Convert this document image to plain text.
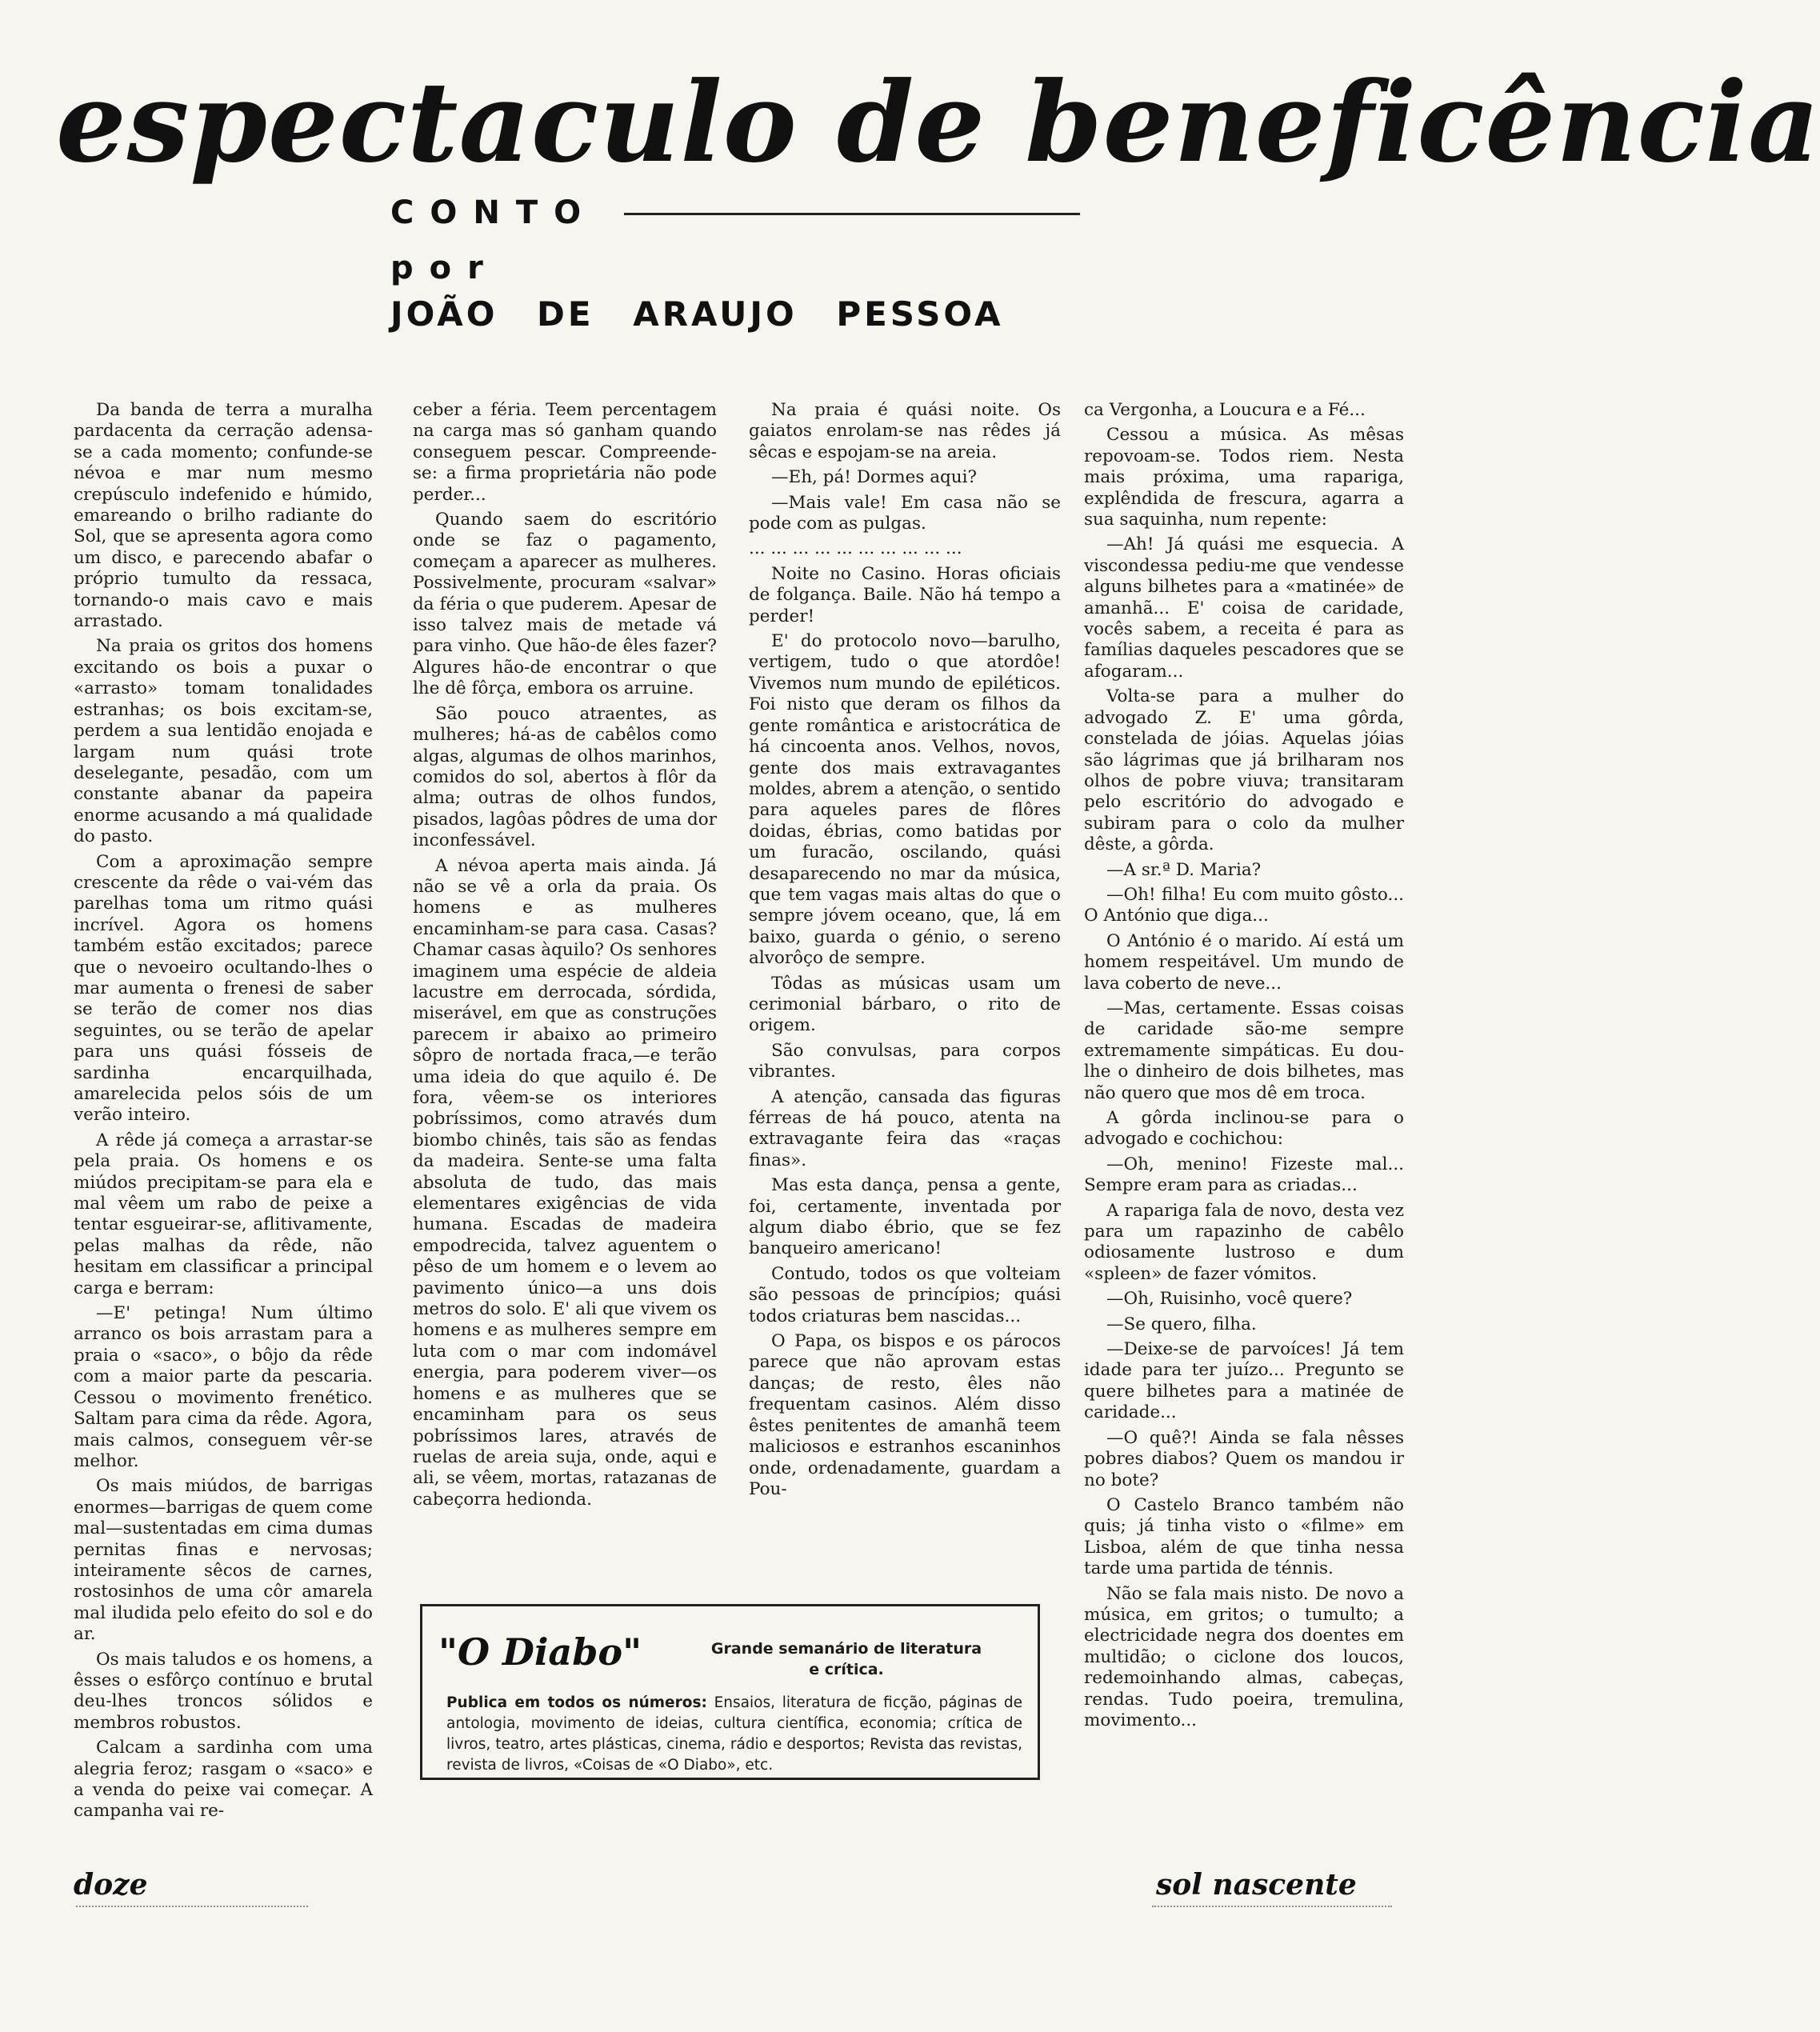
espectaculo de beneficência
CONTO
por
JOÃO DE ARAUJO PESSOA

Da banda de terra a muralha pardacenta da cerração adensa-se a cada momento; confunde-se névoa e mar num mesmo crepúsculo indefenido e húmido, emareando o brilho radiante do Sol, que se apresenta agora como um disco, e parecendo abafar o próprio tumulto da ressaca, tornando-o mais cavo e mais arrastado.

Na praia os gritos dos homens excitando os bois a puxar o «arrasto» tomam tonalidades estranhas; os bois excitam-se, perdem a sua lentidão enojada e largam num quási trote deselegante, pesadão, com um constante abanar da papeira enorme acusando a má qualidade do pasto.

Com a aproximação sempre crescente da rêde o vai-vém das parelhas toma um ritmo quási incrível. Agora os homens também estão excitados; parece que o nevoeiro ocultando-lhes o mar aumenta o frenesi de saber se terão de comer nos dias seguintes, ou se terão de apelar para uns quási fósseis de sardinha encarquilhada, amarelecida pelos sóis de um verão inteiro.

A rêde já começa a arrastar-se pela praia. Os homens e os miúdos precipitam-se para ela e mal vêem um rabo de peixe a tentar esgueirar-se, aflitivamente, pelas malhas da rêde, não hesitam em classificar a principal carga e berram:

—E' petinga! Num último arranco os bois arrastam para a praia o «saco», o bôjo da rêde com a maior parte da pescaria. Cessou o movimento frenético. Saltam para cima da rêde. Agora, mais calmos, conseguem vêr-se melhor.

Os mais miúdos, de barrigas enormes—barrigas de quem come mal—sustentadas em cima dumas pernitas finas e nervosas; inteiramente sêcos de carnes, rostosinhos de uma côr amarela mal iludida pelo efeito do sol e do ar.

Os mais taludos e os homens, a êsses o esfôrço contínuo e brutal deu-lhes troncos sólidos e membros robustos.

Calcam a sardinha com uma alegria feroz; rasgam o «saco» e a venda do peixe vai começar. A campanha vai re-

ceber a féria. Teem percentagem na carga mas só ganham quando conseguem pescar. Compreende-se: a firma proprietária não pode perder...

Quando saem do escritório onde se faz o pagamento, começam a aparecer as mulheres. Possivelmente, procuram «salvar» da féria o que puderem. Apesar de isso talvez mais de metade vá para vinho. Que hão-de êles fazer? Algures hão-de encontrar o que lhe dê fôrça, embora os arruine.

São pouco atraentes, as mulheres; há-as de cabêlos como algas, algumas de olhos marinhos, comidos do sol, abertos à flôr da alma; outras de olhos fundos, pisados, lagôas pôdres de uma dor inconfessável.

A névoa aperta mais ainda. Já não se vê a orla da praia. Os homens e as mulheres encaminham-se para casa. Casas? Chamar casas àquilo? Os senhores imaginem uma espécie de aldeia lacustre em derrocada, sórdida, miserável, em que as construções parecem ir abaixo ao primeiro sôpro de nortada fraca,—e terão uma ideia do que aquilo é. De fora, vêem-se os interiores pobríssimos, como através dum biombo chinês, tais são as fendas da madeira. Sente-se uma falta absoluta de tudo, das mais elementares exigências de vida humana. Escadas de madeira empodrecida, talvez aguentem o pêso de um homem e o levem ao pavimento único—a uns dois metros do solo. E' ali que vivem os homens e as mulheres sempre em luta com o mar com indomável energia, para poderem viver—os homens e as mulheres que se encaminham para os seus pobríssimos lares, através de ruelas de areia suja, onde, aqui e ali, se vêem, mortas, ratazanas de cabeçorra hedionda.

Na praia é quási noite. Os gaiatos enrolam-se nas rêdes já sêcas e espojam-se na areia.

—Eh, pá! Dormes aqui?

—Mais vale! Em casa não se pode com as pulgas.

... ... ... ... ... ... ... ... ... ...

Noite no Casino. Horas oficiais de folgança. Baile. Não há tempo a perder!

E' do protocolo novo—barulho, vertigem, tudo o que atordôe! Vivemos num mundo de epiléticos. Foi nisto que deram os filhos da gente romântica e aristocrática de há cincoenta anos. Velhos, novos, gente dos mais extravagantes moldes, abrem a atenção, o sentido para aqueles pares de flôres doidas, ébrias, como batidas por um furacão, oscilando, quási desaparecendo no mar da música, que tem vagas mais altas do que o sempre jóvem oceano, que, lá em baixo, guarda o génio, o sereno alvorôço de sempre.

Tôdas as músicas usam um cerimonial bárbaro, o rito de origem.

São convulsas, para corpos vibrantes.

A atenção, cansada das figuras férreas de há pouco, atenta na extravagante feira das «raças finas».

Mas esta dança, pensa a gente, foi, certamente, inventada por algum diabo ébrio, que se fez banqueiro americano!

Contudo, todos os que volteiam são pessoas de princípios; quási todos criaturas bem nascidas...

O Papa, os bispos e os párocos parece que não aprovam estas danças; de resto, êles não frequentam casinos. Além disso êstes penitentes de amanhã teem maliciosos e estranhos escaninhos onde, ordenadamente, guardam a Pou-

ca Vergonha, a Loucura e a Fé...

Cessou a música. As mêsas repovoam-se. Todos riem. Nesta mais próxima, uma rapariga, explêndida de frescura, agarra a sua saquinha, num repente:

—Ah! Já quási me esquecia. A viscondessa pediu-me que vendesse alguns bilhetes para a «matinée» de amanhã... E' coisa de caridade, vocês sabem, a receita é para as famílias daqueles pescadores que se afogaram...

Volta-se para a mulher do advogado Z. E' uma gôrda, constelada de jóias. Aquelas jóias são lágrimas que já brilharam nos olhos de pobre viuva; transitaram pelo escritório do advogado e subiram para o colo da mulher dêste, a gôrda.

—A sr.ª D. Maria?

—Oh! filha! Eu com muito gôsto... O António que diga...

O António é o marido. Aí está um homem respeitável. Um mundo de lava coberto de neve...

—Mas, certamente. Essas coisas de caridade são-me sempre extremamente simpáticas. Eu dou-lhe o dinheiro de dois bilhetes, mas não quero que mos dê em troca.

A gôrda inclinou-se para o advogado e cochichou:

—Oh, menino! Fizeste mal... Sempre eram para as criadas...

A rapariga fala de novo, desta vez para um rapazinho de cabêlo odiosamente lustroso e dum «spleen» de fazer vómitos.

—Oh, Ruisinho, você quere?

—Se quero, filha.

—Deixe-se de parvoíces! Já tem idade para ter juízo... Pregunto se quere bilhetes para a matinée de caridade...

—O quê?! Ainda se fala nêsses pobres diabos? Quem os mandou ir no bote?

O Castelo Branco também não quis; já tinha visto o «filme» em Lisboa, além de que tinha nessa tarde uma partida de ténnis.

Não se fala mais nisto. De novo a música, em gritos; o tumulto; a electricidade negra dos doentes em multidão; o ciclone dos loucos, redemoinhando almas, cabeças, rendas. Tudo poeira, tremulina, movimento...

"O Diabo"	Grande semanário de literatura e crítica.
Publica em todos os números: Ensaios, literatura de ficção, páginas de antologia, movimento de ideias, cultura científica, economia; crítica de livros, teatro, artes plásticas, cinema, rádio e desportos; Revista das revistas, revista de livros, «Coisas de «O Diabo», etc.
doze	sol nascente
